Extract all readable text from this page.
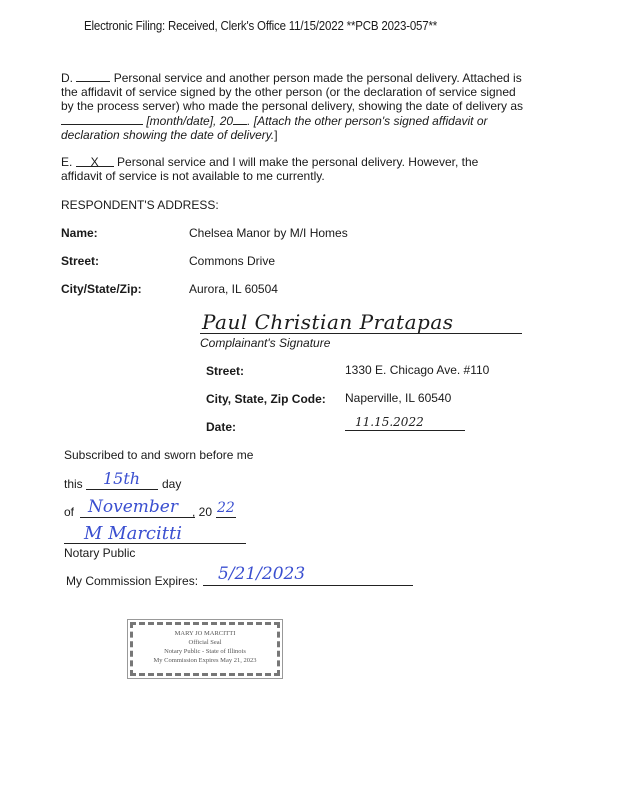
Electronic Filing: Received, Clerk's Office 11/15/2022 **PCB 2023-057**
D.	Personal service and another person made the personal delivery. Attached is
the affidavit of service signed by the other person (or the declaration of service signed
by the process server) who made the personal delivery, showing the date of delivery as
[month/date], 20 . [Attach the other person's signed affidavit or
declaration showing the date of delivery.]
E. X Personal service and I will make the personal delivery. However, the
affidavit of service is not available to me currently.
RESPONDENT'S ADDRESS:
Name:	Chelsea Manor by M/I Homes
Street:	Commons Drive
City/State/Zip:	Aurora, IL 60504
Paul Christian Pratapas
Complainant's Signature
Street:	1330 E. Chicago Ave. #110
City, State, Zip Code: Naperville, IL 60540
Date:	11.15.2022
Subscribed to and sworn before me
this 15th day
of November , 20 22
M Marcitti
Notary Public
My Commission Expires: 5/21/2023
MARY JO MARCITTI
Official Seal
Notary Public - State of Illinois
My Commission Expires May 21, 2023
